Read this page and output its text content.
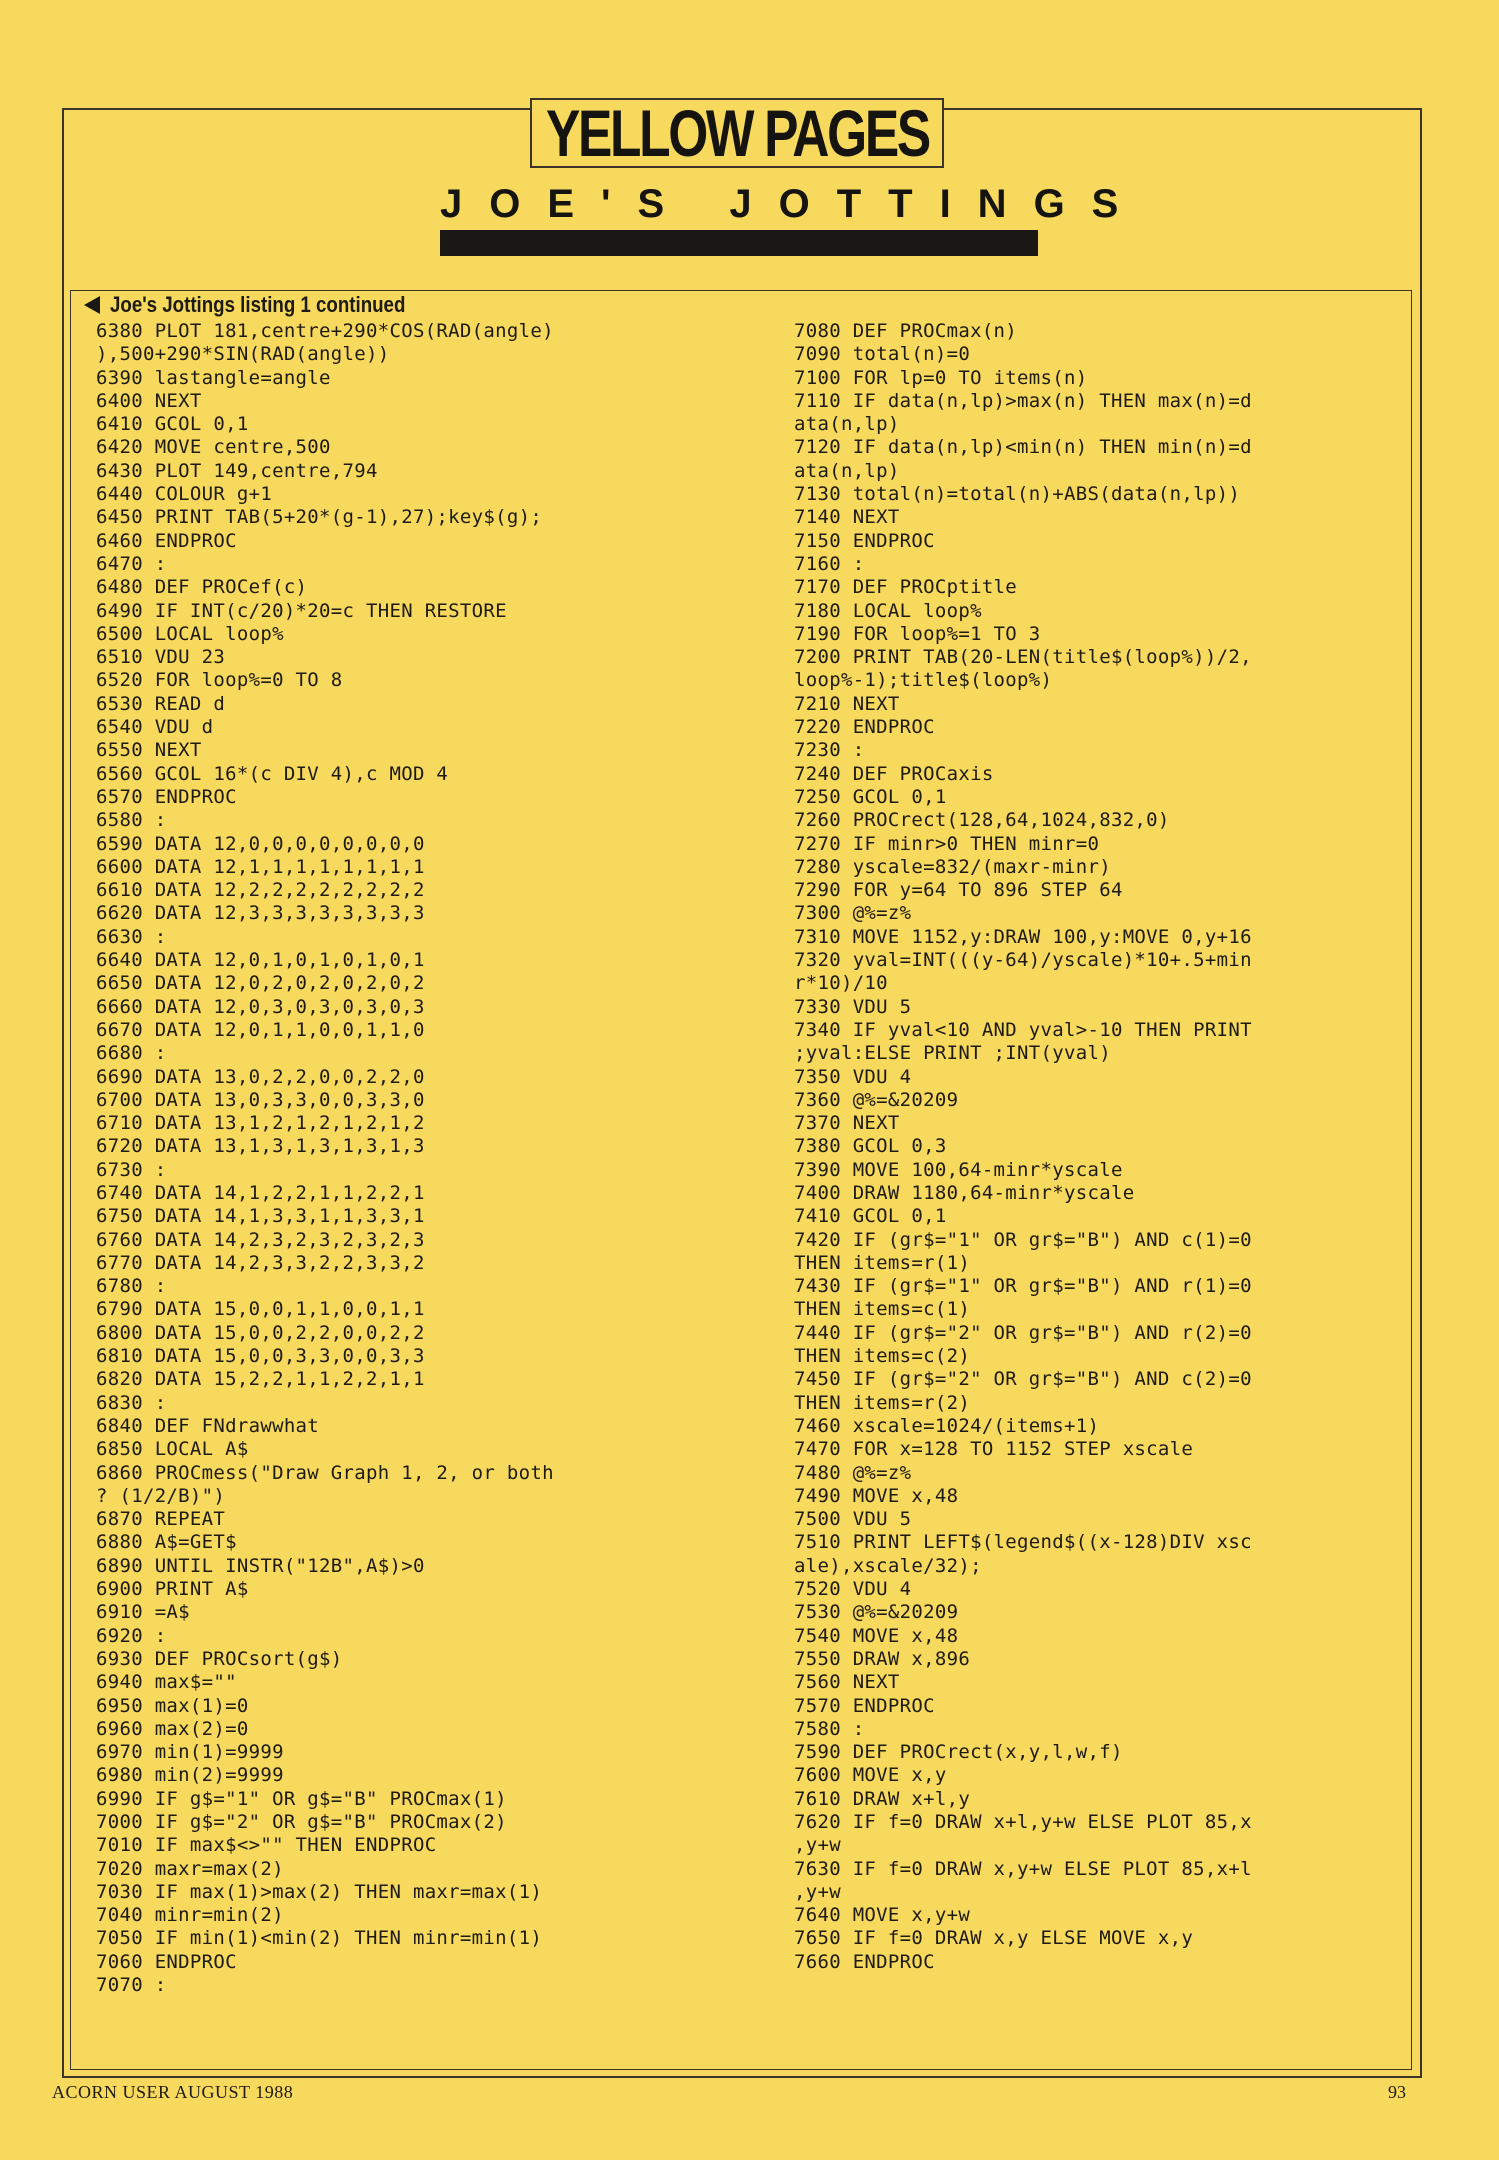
YELLOW PAGES
JOE'S JOTTINGS
Joe's Jottings listing 1 continued
6380 PLOT 181,centre+290*COS(RAD(angle)
),500+290*SIN(RAD(angle))
6390 lastangle=angle
6400 NEXT
6410 GCOL 0,1
6420 MOVE centre,500
6430 PLOT 149,centre,794
6440 COLOUR g+1
6450 PRINT TAB(5+20*(g-1),27);key$(g);
6460 ENDPROC
6470 :
6480 DEF PROCef(c)
6490 IF INT(c/20)*20=c THEN RESTORE
6500 LOCAL loop%
6510 VDU 23
6520 FOR loop%=0 TO 8
6530 READ d
6540 VDU d
6550 NEXT
6560 GCOL 16*(c DIV 4),c MOD 4
6570 ENDPROC
6580 :
6590 DATA 12,0,0,0,0,0,0,0,0
6600 DATA 12,1,1,1,1,1,1,1,1
6610 DATA 12,2,2,2,2,2,2,2,2
6620 DATA 12,3,3,3,3,3,3,3,3
6630 :
6640 DATA 12,0,1,0,1,0,1,0,1
6650 DATA 12,0,2,0,2,0,2,0,2
6660 DATA 12,0,3,0,3,0,3,0,3
6670 DATA 12,0,1,1,0,0,1,1,0
6680 :
6690 DATA 13,0,2,2,0,0,2,2,0
6700 DATA 13,0,3,3,0,0,3,3,0
6710 DATA 13,1,2,1,2,1,2,1,2
6720 DATA 13,1,3,1,3,1,3,1,3
6730 :
6740 DATA 14,1,2,2,1,1,2,2,1
6750 DATA 14,1,3,3,1,1,3,3,1
6760 DATA 14,2,3,2,3,2,3,2,3
6770 DATA 14,2,3,3,2,2,3,3,2
6780 :
6790 DATA 15,0,0,1,1,0,0,1,1
6800 DATA 15,0,0,2,2,0,0,2,2
6810 DATA 15,0,0,3,3,0,0,3,3
6820 DATA 15,2,2,1,1,2,2,1,1
6830 :
6840 DEF FNdrawwhat
6850 LOCAL A$
6860 PROCmess("Draw Graph 1, 2, or both
? (1/2/B)")
6870 REPEAT
6880 A$=GET$
6890 UNTIL INSTR("12B",A$)>0
6900 PRINT A$
6910 =A$
6920 :
6930 DEF PROCsort(g$)
6940 max$=""
6950 max(1)=0
6960 max(2)=0
6970 min(1)=9999
6980 min(2)=9999
6990 IF g$="1" OR g$="B" PROCmax(1)
7000 IF g$="2" OR g$="B" PROCmax(2)
7010 IF max$<>"" THEN ENDPROC
7020 maxr=max(2)
7030 IF max(1)>max(2) THEN maxr=max(1)
7040 minr=min(2)
7050 IF min(1)<min(2) THEN minr=min(1)
7060 ENDPROC
7070 :
7080 DEF PROCmax(n)
7090 total(n)=0
7100 FOR lp=0 TO items(n)
7110 IF data(n,lp)>max(n) THEN max(n)=d
ata(n,lp)
7120 IF data(n,lp)<min(n) THEN min(n)=d
ata(n,lp)
7130 total(n)=total(n)+ABS(data(n,lp))
7140 NEXT
7150 ENDPROC
7160 :
7170 DEF PROCptitle
7180 LOCAL loop%
7190 FOR loop%=1 TO 3
7200 PRINT TAB(20-LEN(title$(loop%))/2,
loop%-1);title$(loop%)
7210 NEXT
7220 ENDPROC
7230 :
7240 DEF PROCaxis
7250 GCOL 0,1
7260 PROCrect(128,64,1024,832,0)
7270 IF minr>0 THEN minr=0
7280 yscale=832/(maxr-minr)
7290 FOR y=64 TO 896 STEP 64
7300 @%=z%
7310 MOVE 1152,y:DRAW 100,y:MOVE 0,y+16
7320 yval=INT(((y-64)/yscale)*10+.5+min
r*10)/10
7330 VDU 5
7340 IF yval<10 AND yval>-10 THEN PRINT
;yval:ELSE PRINT ;INT(yval)
7350 VDU 4
7360 @%=&20209
7370 NEXT
7380 GCOL 0,3
7390 MOVE 100,64-minr*yscale
7400 DRAW 1180,64-minr*yscale
7410 GCOL 0,1
7420 IF (gr$="1" OR gr$="B") AND c(1)=0
THEN items=r(1)
7430 IF (gr$="1" OR gr$="B") AND r(1)=0
THEN items=c(1)
7440 IF (gr$="2" OR gr$="B") AND r(2)=0
THEN items=c(2)
7450 IF (gr$="2" OR gr$="B") AND c(2)=0
THEN items=r(2)
7460 xscale=1024/(items+1)
7470 FOR x=128 TO 1152 STEP xscale
7480 @%=z%
7490 MOVE x,48
7500 VDU 5
7510 PRINT LEFT$(legend$((x-128)DIV xsc
ale),xscale/32);
7520 VDU 4
7530 @%=&20209
7540 MOVE x,48
7550 DRAW x,896
7560 NEXT
7570 ENDPROC
7580 :
7590 DEF PROCrect(x,y,l,w,f)
7600 MOVE x,y
7610 DRAW x+l,y
7620 IF f=0 DRAW x+l,y+w ELSE PLOT 85,x
,y+w
7630 IF f=0 DRAW x,y+w ELSE PLOT 85,x+l
,y+w
7640 MOVE x,y+w
7650 IF f=0 DRAW x,y ELSE MOVE x,y
7660 ENDPROC
ACORN USER AUGUST 1988	93
